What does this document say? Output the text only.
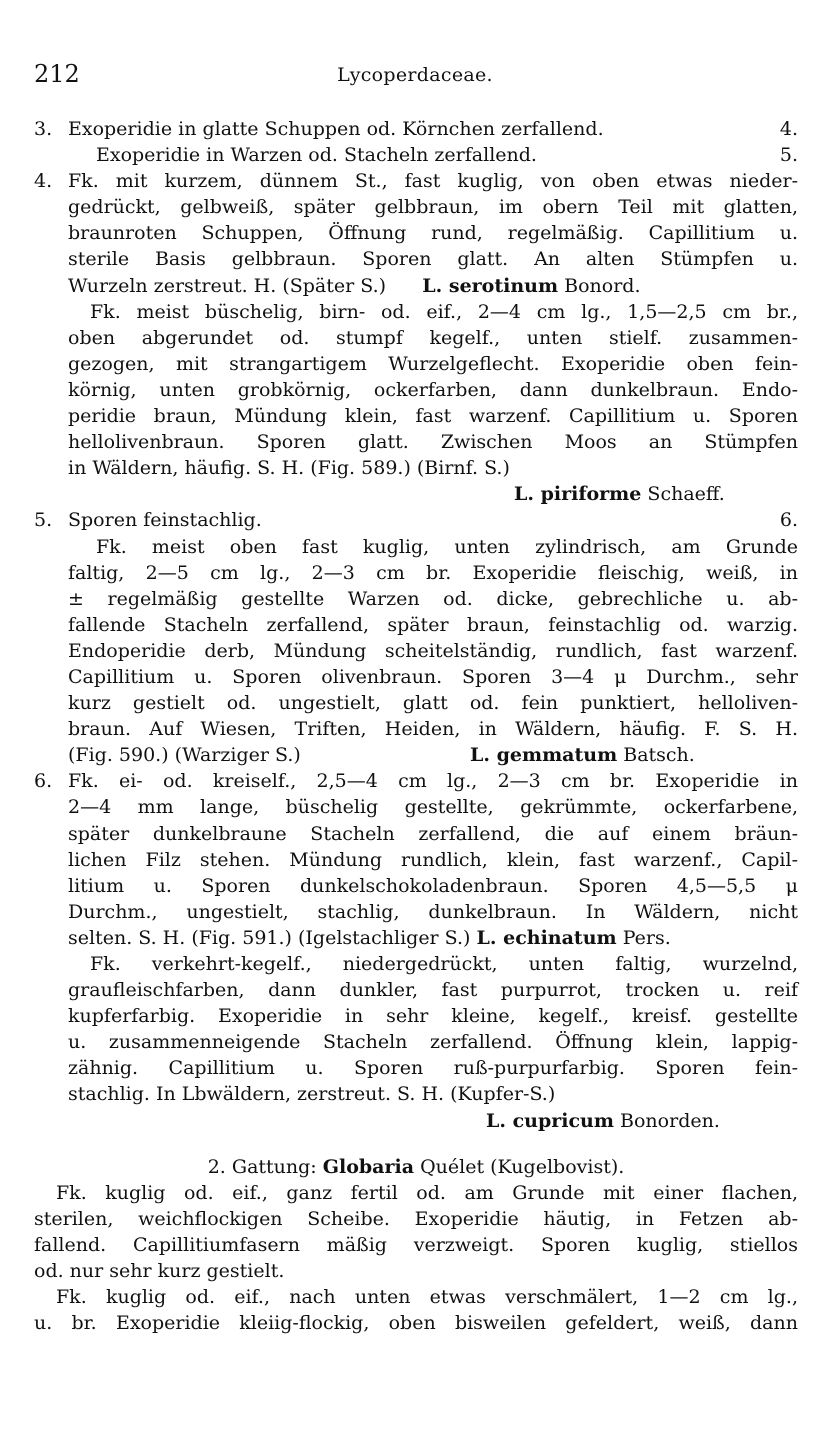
212	Lycoperdaceae.
3. Exoperidie in glatte Schuppen od. Körnchen zerfallend.	4.
Exoperidie in Warzen od. Stacheln zerfallend.	5.
4. Fk. mit kurzem, dünnem St., fast kuglig, von oben etwas nieder-
gedrückt, gelbweiß, später gelbbraun, im obern Teil mit glatten,
braunroten Schuppen, Öffnung rund, regelmäßig. Capillitium u.
sterile Basis gelbbraun. Sporen glatt. An alten Stümpfen u.
Wurzeln zerstreut. H. (Später S.) L. serotinum Bonord.
Fk. meist büschelig, birn- od. eif., 2—4 cm lg., 1,5—2,5 cm br.,
oben abgerundet od. stumpf kegelf., unten stielf. zusammen-
gezogen, mit strangartigem Wurzelgeflecht. Exoperidie oben fein-
körnig, unten grobkörnig, ockerfarben, dann dunkelbraun. Endo-
peridie braun, Mündung klein, fast warzenf. Capillitium u. Sporen
hellolivenbraun. Sporen glatt. Zwischen Moos an Stümpfen
in Wäldern, häufig. S. H. (Fig. 589.) (Birnf. S.)
L. piriforme Schaeff.
5. Sporen feinstachlig.	6.
Fk. meist oben fast kuglig, unten zylindrisch, am Grunde
faltig, 2—5 cm lg., 2—3 cm br. Exoperidie fleischig, weiß, in
± regelmäßig gestellte Warzen od. dicke, gebrechliche u. ab-
fallende Stacheln zerfallend, später braun, feinstachlig od. warzig.
Endoperidie derb, Mündung scheitelständig, rundlich, fast warzenf.
Capillitium u. Sporen olivenbraun. Sporen 3—4 μ Durchm., sehr
kurz gestielt od. ungestielt, glatt od. fein punktiert, helloliven-
braun. Auf Wiesen, Triften, Heiden, in Wäldern, häufig. F. S. H.
(Fig. 590.) (Warziger S.)	L. gemmatum Batsch.
6. Fk. ei- od. kreiself., 2,5—4 cm lg., 2—3 cm br. Exoperidie in
2—4 mm lange, büschelig gestellte, gekrümmte, ockerfarbene,
später dunkelbraune Stacheln zerfallend, die auf einem bräun-
lichen Filz stehen. Mündung rundlich, klein, fast warzenf., Capil-
litium u. Sporen dunkelschokoladenbraun. Sporen 4,5—5,5 μ
Durchm., ungestielt, stachlig, dunkelbraun. In Wäldern, nicht
selten. S. H. (Fig. 591.) (Igelstachliger S.) L. echinatum Pers.
Fk. verkehrt-kegelf., niedergedrückt, unten faltig, wurzelnd,
graufleischfarben, dann dunkler, fast purpurrot, trocken u. reif
kupferfarbig. Exoperidie in sehr kleine, kegelf., kreisf. gestellte
u. zusammenneigende Stacheln zerfallend. Öffnung klein, lappig-
zähnig. Capillitium u. Sporen ruß-purpurfarbig. Sporen fein-
stachlig. In Lbwäldern, zerstreut. S. H. (Kupfer-S.)
L. cupricum Bonorden.
2. Gattung: Globaria Quélet (Kugelbovist).
Fk. kuglig od. eif., ganz fertil od. am Grunde mit einer flachen,
sterilen, weichflockigen Scheibe. Exoperidie häutig, in Fetzen ab-
fallend. Capillitiumfasern mäßig verzweigt. Sporen kuglig, stiellos
od. nur sehr kurz gestielt.
Fk. kuglig od. eif., nach unten etwas verschmälert, 1—2 cm lg.,
u. br. Exoperidie kleiig-flockig, oben bisweilen gefeldert, weiß, dann
